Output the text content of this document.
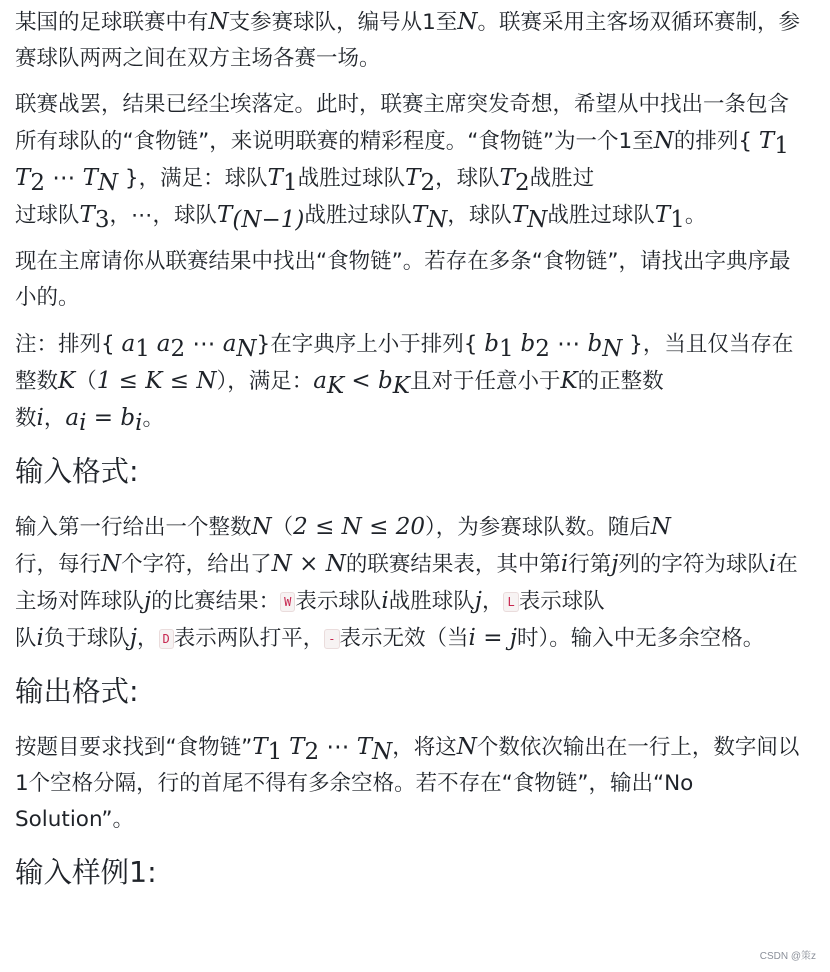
某国的足球联赛中有N支参赛球队，编号从1至N。联赛采用主客场双循环赛制，参赛球队两两之间在双方主场各赛一场。

联赛战罢，结果已经尘埃落定。此时，联赛主席突发奇想，希望从中找出一条包含所有球队的“食物链”，来说明联赛的精彩程度。“食物链”为一个1至N的排列{ $T_1$ $T_2$ ⋯ $T_N$ }，满足：球队$T_1$战胜过球队$T_2$，球队$T_2$战胜过
过球队$T_3$，⋯，球队$T_{(N-1)}$战胜过球队$T_N$，球队$T_N$战胜过球队$T_1$。

现在主席请你从联赛结果中找出“食物链”。若存在多条“食物链”，请找出字典序最小的。

注：排列{ $a_1$ $a_2$ ⋯ $a_N$}在字典序上小于排列{ $b_1$ $b_2$ ⋯ $b_N$ }，当且仅当存在整数K（1 ≤ K ≤ N），满足：$a_K < b_K$且对于任意小于K的正整数
数i，$a_i = b_i$。

输入格式:

输入第一行给出一个整数N（2 ≤ N ≤ 20），为参赛球队数。随后N
行，每行N个字符，给出了N × N的联赛结果表，其中第i行第j列的字符为球队i在主场对阵球队j的比赛结果： W 表示球队i战胜球队j， L 表示球队
队i负于球队j， D 表示两队打平， - 表示无效（当i = j时）。输入中无多余空格。

输出格式:

按题目要求找到“食物链$”T_1$ $T_2$ ⋯ $T_N$，将这N个数依次输出在一行上，数字间以1个空格分隔，行的首尾不得有多余空格。若不存在“食物链”，输出“No Solution”。

输入样例1:
CSDN @策z
